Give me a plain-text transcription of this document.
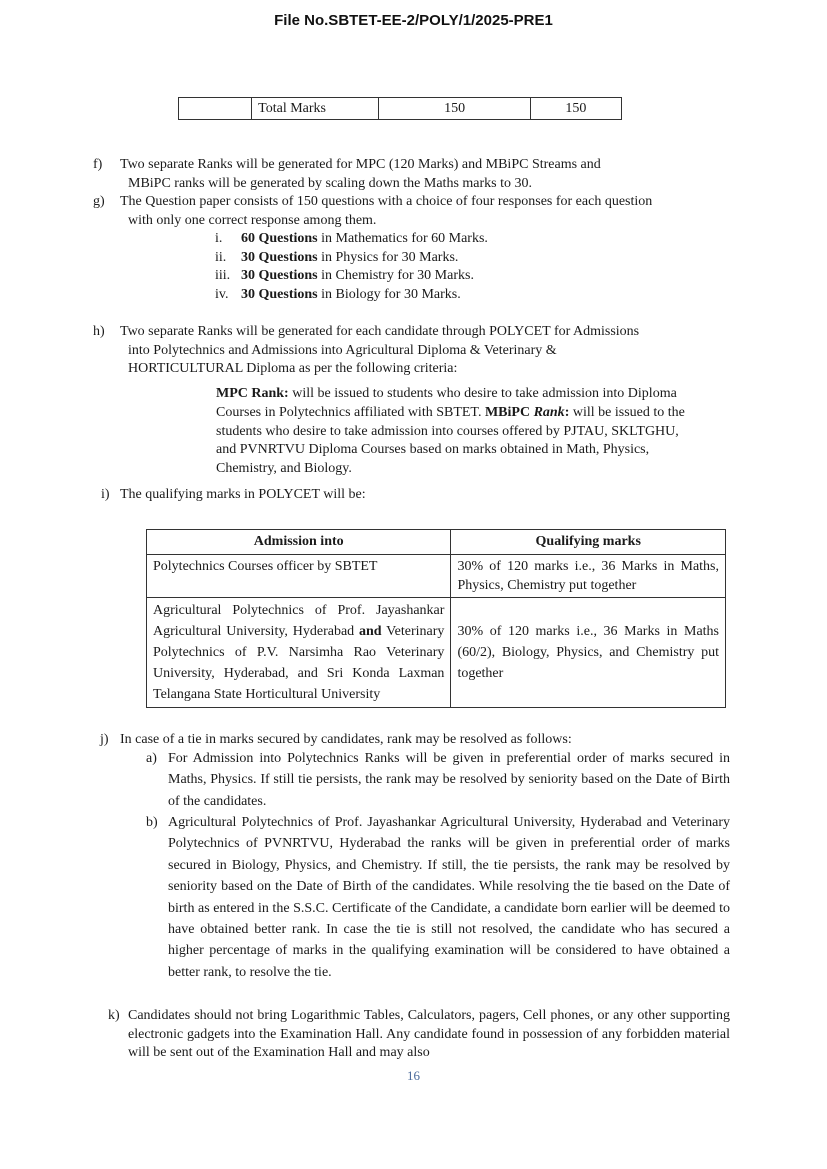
File No.SBTET-EE-2/POLY/1/2025-PRE1
	Total Marks	150	150
f)	Two separate Ranks will be generated for MPC (120 Marks) and MBiPC Streams and
MBiPC ranks will be generated by scaling down the Maths marks to 30.
g)	The Question paper consists of 150 questions with a choice of four responses for each question
with only one correct response among them.
i. 60 Questions in Mathematics for 60 Marks.
ii. 30 Questions in Physics for 30 Marks.
iii. 30 Questions in Chemistry for 30 Marks.
iv. 30 Questions in Biology for 30 Marks.
h)	Two separate Ranks will be generated for each candidate through POLYCET for Admissions
into Polytechnics and Admissions into Agricultural Diploma & Veterinary &
HORTICULTURAL Diploma as per the following criteria:
MPC Rank: will be issued to students who desire to take admission into Diploma Courses in Polytechnics affiliated with SBTET. MBiPC Rank: will be issued to the students who desire to take admission into courses offered by PJTAU, SKLTGHU, and PVNRTVU Diploma Courses based on marks obtained in Math, Physics, Chemistry, and Biology.
i) The qualifying marks in POLYCET will be:
Admission into	Qualifying marks
Polytechnics Courses officer by SBTET	30% of 120 marks i.e., 36 Marks in Maths, Physics, Chemistry put together
Agricultural Polytechnics of Prof. Jayashankar Agricultural University, Hyderabad and Veterinary Polytechnics of P.V. Narsimha Rao Veterinary University, Hyderabad, and Sri Konda Laxman Telangana State Horticultural University	30% of 120 marks i.e., 36 Marks in Maths (60/2), Biology, Physics, and Chemistry put together
j) In case of a tie in marks secured by candidates, rank may be resolved as follows:
a) For Admission into Polytechnics Ranks will be given in preferential order of marks secured in Maths, Physics. If still tie persists, the rank may be resolved by seniority based on the Date of Birth of the candidates.
b) Agricultural Polytechnics of Prof. Jayashankar Agricultural University, Hyderabad and Veterinary Polytechnics of PVNRTVU, Hyderabad the ranks will be given in preferential order of marks secured in Biology, Physics, and Chemistry. If still, the tie persists, the rank may be resolved by seniority based on the Date of Birth of the candidates. While resolving the tie based on the Date of birth as entered in the S.S.C. Certificate of the Candidate, a candidate born earlier will be deemed to have obtained better rank. In case the tie is still not resolved, the candidate who has secured a higher percentage of marks in the qualifying examination will be considered to have obtained a better rank, to resolve the tie.
k) Candidates should not bring Logarithmic Tables, Calculators, pagers, Cell phones, or any other supporting electronic gadgets into the Examination Hall. Any candidate found in possession of any forbidden material will be sent out of the Examination Hall and may also
16
